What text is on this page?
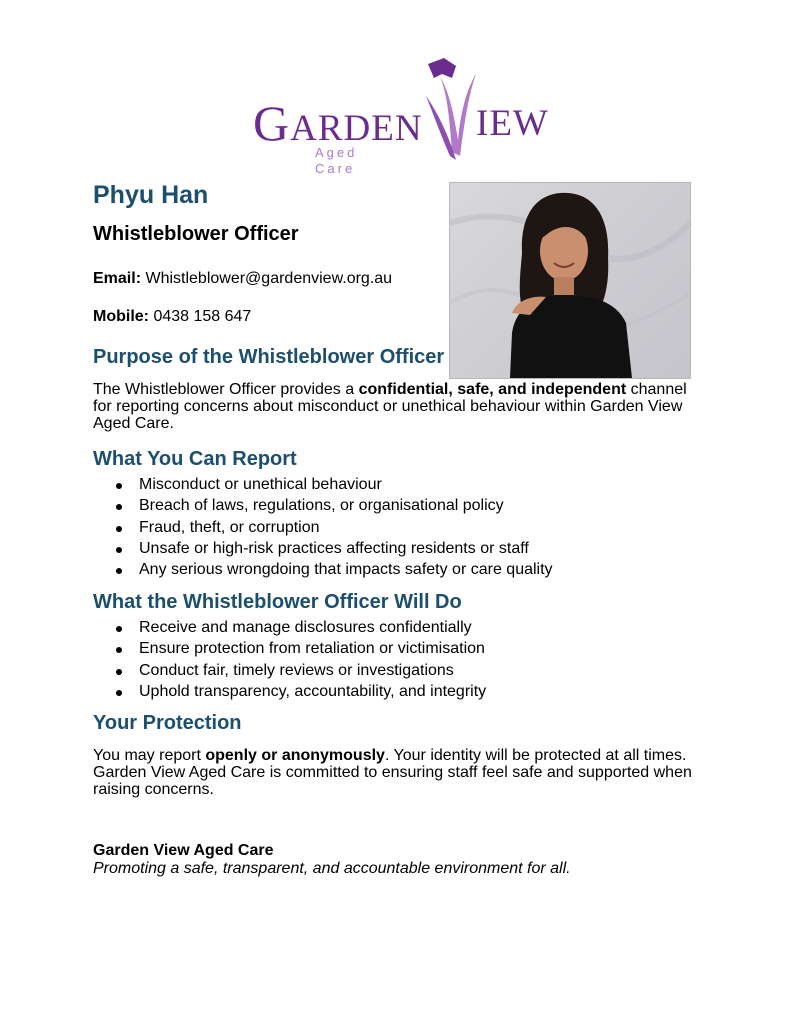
GARDEN IEW
Aged
Care
Phyu Han
Whistleblower Officer

Email: Whistleblower@gardenview.org.au

Mobile: 0438 158 647

Purpose of the Whistleblower Officer

The Whistleblower Officer provides a confidential, safe, and independent channel for reporting concerns about misconduct or unethical behaviour within Garden View Aged Care.

What You Can Report
Misconduct or unethical behaviour
Breach of laws, regulations, or organisational policy
Fraud, theft, or corruption
Unsafe or high-risk practices affecting residents or staff
Any serious wrongdoing that impacts safety or care quality
What the Whistleblower Officer Will Do
Receive and manage disclosures confidentially
Ensure protection from retaliation or victimisation
Conduct fair, timely reviews or investigations
Uphold transparency, accountability, and integrity
Your Protection

You may report openly or anonymously. Your identity will be protected at all times. Garden View Aged Care is committed to ensuring staff feel safe and supported when raising concerns.

Garden View Aged Care

Promoting a safe, transparent, and accountable environment for all.
